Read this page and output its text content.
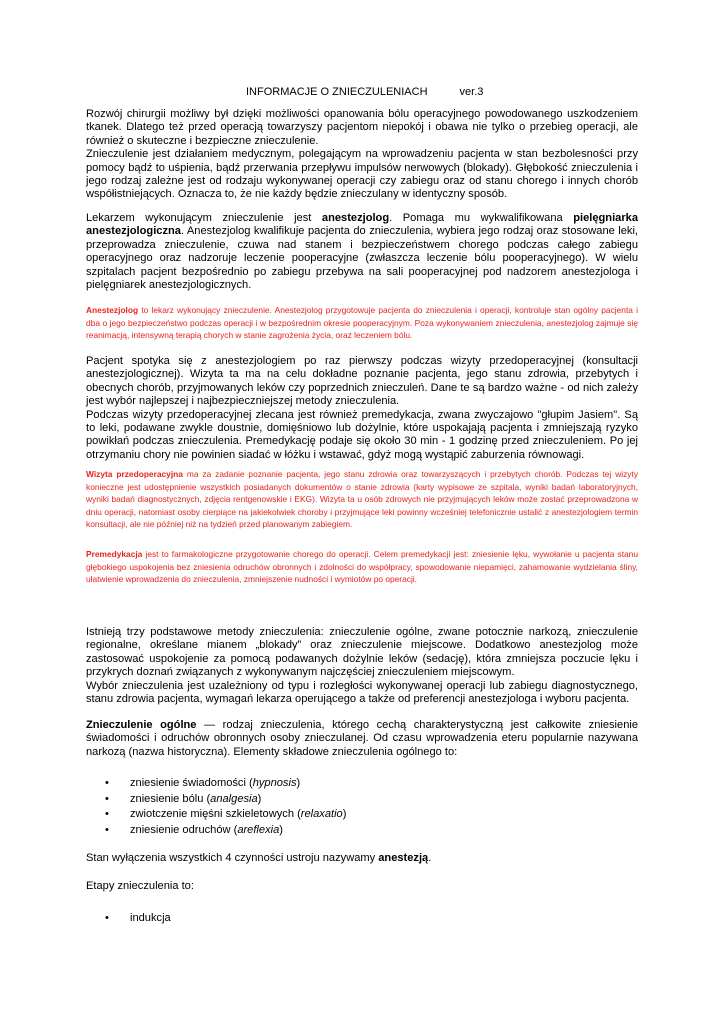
INFORMACJE O ZNIECZULENIACH	ver.3

Rozwój chirurgii możliwy był dzięki możliwości opanowania bólu operacyjnego powodowanego uszkodzeniem tkanek. Dlatego też przed operacją towarzyszy pacjentom niepokój i obawa nie tylko o przebieg operacji, ale również o skuteczne i bezpieczne znieczulenie.

Znieczulenie jest działaniem medycznym, polegającym na wprowadzeniu pacjenta w stan bezbolesności przy pomocy bądź to uśpienia, bądź przerwania przepływu impulsów nerwowych (blokady). Głębokość znieczulenia i jego rodzaj zależne jest od rodzaju wykonywanej operacji czy zabiegu oraz od stanu chorego i innych chorób współistniejących. Oznacza to, że nie każdy będzie znieczulany w identyczny sposób.

Lekarzem wykonującym znieczulenie jest anestezjolog. Pomaga mu wykwalifikowana pielęgniarka anestezjologiczna. Anestezjolog kwalifikuje pacjenta do znieczulenia, wybiera jego rodzaj oraz stosowane leki, przeprowadza znieczulenie, czuwa nad stanem i bezpieczeństwem chorego podczas całego zabiegu operacyjnego oraz nadzoruje leczenie pooperacyjne (zwłaszcza leczenie bólu pooperacyjnego). W wielu szpitalach pacjent bezpośrednio po zabiegu przebywa na sali pooperacyjnej pod nadzorem anestezjologa i pielęgniarek anestezjologicznych.

Anestezjolog to lekarz wykonujący znieczulenie. Anestezjolog przygotowuje pacjenta do znieczulenia i operacji, kontroluje stan ogólny pacjenta i dba o jego bezpieczeństwo podczas operacji i w bezpośrednim okresie pooperacyjnym. Poza wykonywaniem znieczulenia, anestezjolog zajmuje się reanimacją, intensywną terapią chorych w stanie zagrożenia życia, oraz leczeniem bólu.

Pacjent spotyka się z anestezjologiem po raz pierwszy podczas wizyty przedoperacyjnej (konsultacji anestezjologicznej). Wizyta ta ma na celu dokładne poznanie pacjenta, jego stanu zdrowia, przebytych i obecnych chorób, przyjmowanych leków czy poprzednich znieczuleń. Dane te są bardzo ważne - od nich zależy jest wybór najlepszej i najbezpieczniejszej metody znieczulenia.

Podczas wizyty przedoperacyjnej zlecana jest również premedykacja, zwana zwyczajowo "głupim Jasiem". Są to leki, podawane zwykle doustnie, domięśniowo lub dożylnie, które uspokajają pacjenta i zmniejszają ryzyko powikłań podczas znieczulenia. Premedykację podaje się około 30 min - 1 godzinę przed znieczuleniem. Po jej otrzymaniu chory nie powinien siadać w łóżku i wstawać, gdyż mogą wystąpić zaburzenia równowagi.

Wizyta przedoperacyjna ma za zadanie poznanie pacjenta, jego stanu zdrowia oraz towarzyszących i przebytych chorób. Podczas tej wizyty konieczne jest udostępnienie wszystkich posiadanych dokumentów o stanie zdrowia (karty wypisowe ze szpitala, wyniki badań laboratoryjnych, wyniki badań diagnostycznych, zdjęcia rentgenowskie i EKG). Wizyta ta u osób zdrowych nie przyjmujących leków może zostać przeprowadzona w dniu operacji, natomiast osoby cierpiące na jakiekolwiek choroby i przyjmujące leki powinny wcześniej telefonicznie ustalić z anestezjologiem termin konsultacji, ale nie później niż na tydzień przed planowanym zabiegiem.

Premedykacja jest to farmakologiczne przygotowanie chorego do operacji. Celem premedykacji jest: zniesienie lęku, wywołanie u pacjenta stanu głębokiego uspokojenia bez zniesienia odruchów obronnych i zdolności do współpracy, spowodowanie niepamięci, zahamowanie wydzielania śliny, ułatwienie wprowadzenia do znieczulenia, zmniejszenie nudności i wymiotów po operacji.

Istnieją trzy podstawowe metody znieczulenia: znieczulenie ogólne, zwane potocznie narkozą, znieczulenie regionalne, określane mianem „blokady” oraz znieczulenie miejscowe. Dodatkowo anestezjolog może zastosować uspokojenie za pomocą podawanych dożylnie leków (sedację), która zmniejsza poczucie lęku i przykrych doznań związanych z wykonywanym najczęściej znieczuleniem miejscowym.

Wybór znieczulenia jest uzależniony od typu i rozległości wykonywanej operacji lub zabiegu diagnostycznego, stanu zdrowia pacjenta, wymagań lekarza operującego a także od preferencji anestezjologa i wyboru pacjenta.

Znieczulenie ogólne — rodzaj znieczulenia, którego cechą charakterystyczną jest całkowite zniesienie świadomości i odruchów obronnych osoby znieczulanej. Od czasu wprowadzenia eteru popularnie nazywana narkozą (nazwa historyczna). Elementy składowe znieczulenia ogólnego to:

• zniesienie świadomości (hypnosis)
• zniesienie bólu (analgesia)
• zwiotczenie mięśni szkieletowych (relaxatio)
• zniesienie odruchów (areflexia)

Stan wyłączenia wszystkich 4 czynności ustroju nazywamy anestezją.

Etapy znieczulenia to:

• indukcja
